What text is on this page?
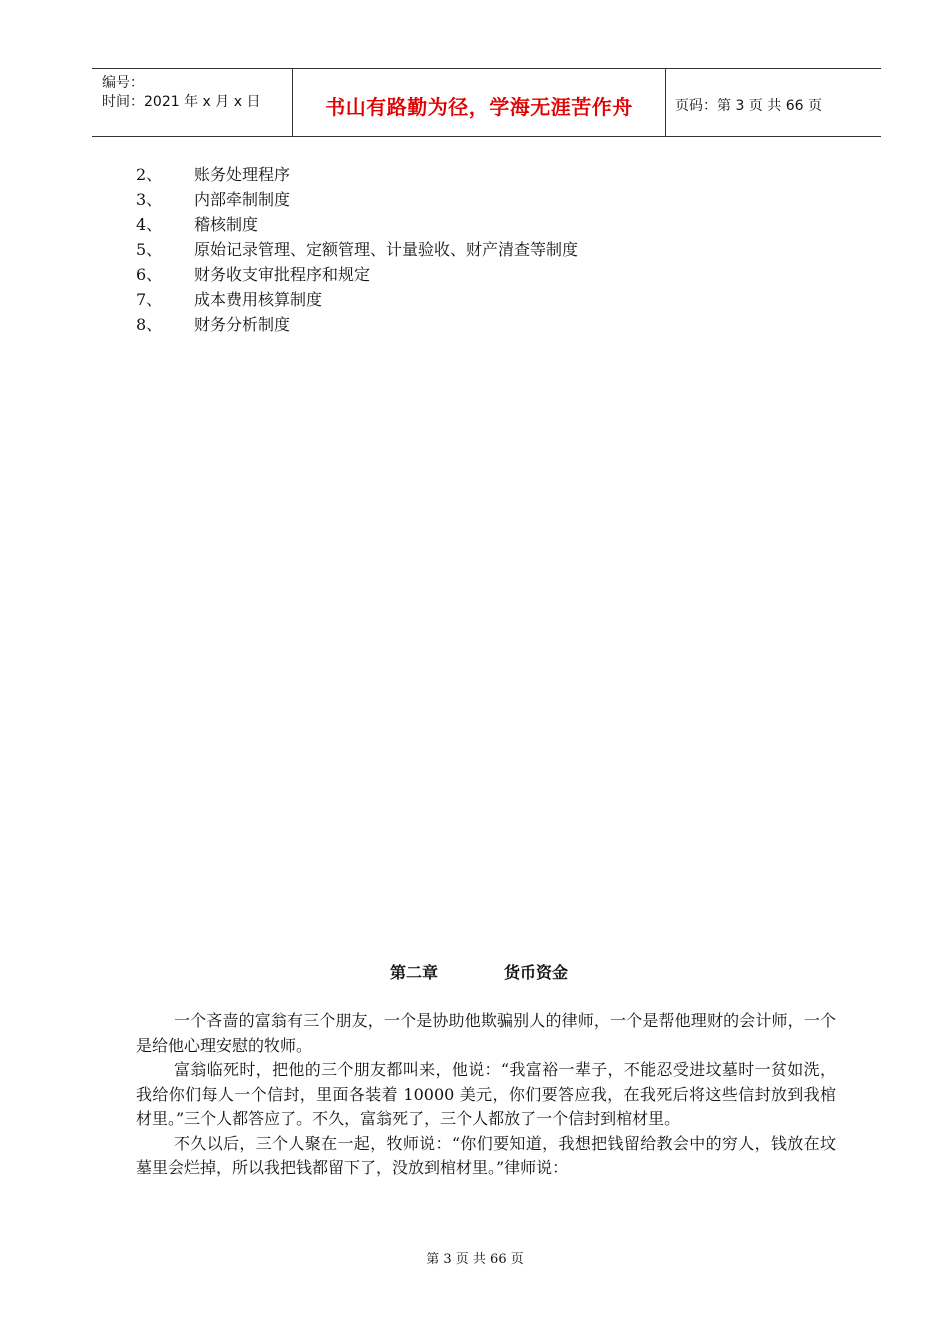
编号：
时间：2021 年 x 月 x 日	书山有路勤为径，学海无涯苦作舟	页码：第 3 页 共 66 页
2、 账务处理程序
3、 内部牵制制度
4、 稽核制度
5、 原始记录管理、定额管理、计量验收、财产清查等制度
6、 财务收支审批程序和规定
7、 成本费用核算制度
8、 财务分析制度
第二章	货币资金

一个吝啬的富翁有三个朋友，一个是协助他欺骗别人的律师，一个是帮他理财的会计师，一个是给他心理安慰的牧师。

富翁临死时，把他的三个朋友都叫来，他说：“我富裕一辈子，不能忍受进坟墓时一贫如洗，我给你们每人一个信封，里面各装着 10000 美元，你们要答应我，在我死后将这些信封放到我棺材里。”三个人都答应了。不久，富翁死了，三个人都放了一个信封到棺材里。

不久以后，三个人聚在一起，牧师说：“你们要知道，我想把钱留给教会中的穷人，钱放在坟墓里会烂掉，所以我把钱都留下了，没放到棺材里。”律师说：

第 3 页 共 66 页
